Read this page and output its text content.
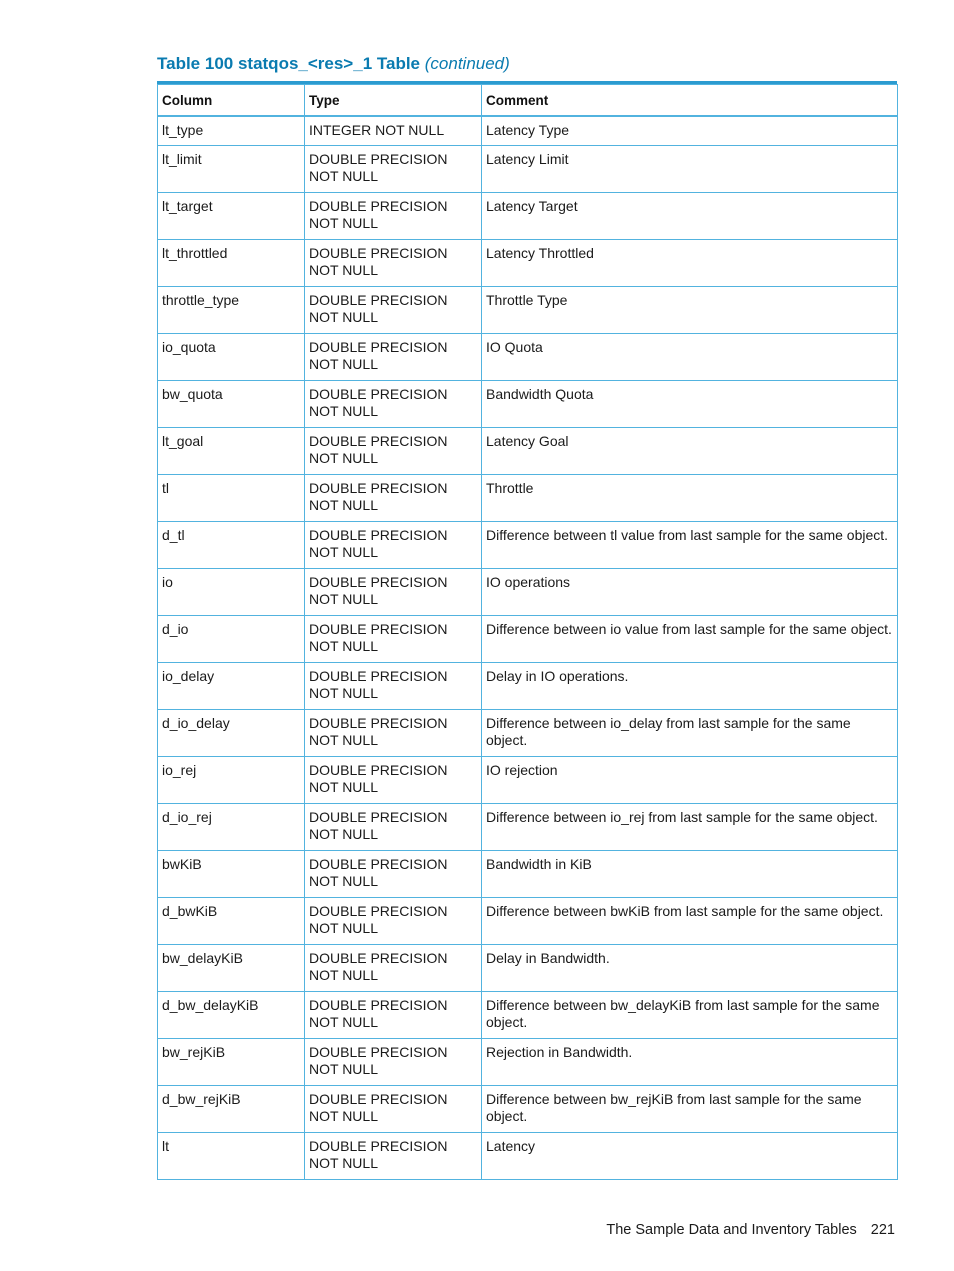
Table 100 statqos_<res>_1 Table (continued)
Column	Type	Comment
lt_type	INTEGER NOT NULL	Latency Type
lt_limit	DOUBLE PRECISION NOT NULL	Latency Limit
lt_target	DOUBLE PRECISION NOT NULL	Latency Target
lt_throttled	DOUBLE PRECISION NOT NULL	Latency Throttled
throttle_type	DOUBLE PRECISION NOT NULL	Throttle Type
io_quota	DOUBLE PRECISION NOT NULL	IO Quota
bw_quota	DOUBLE PRECISION NOT NULL	Bandwidth Quota
lt_goal	DOUBLE PRECISION NOT NULL	Latency Goal
tl	DOUBLE PRECISION NOT NULL	Throttle
d_tl	DOUBLE PRECISION NOT NULL	Difference between tl value from last sample for the same object.
io	DOUBLE PRECISION NOT NULL	IO operations
d_io	DOUBLE PRECISION NOT NULL	Difference between io value from last sample for the same object.
io_delay	DOUBLE PRECISION NOT NULL	Delay in IO operations.
d_io_delay	DOUBLE PRECISION NOT NULL	Difference between io_delay from last sample for the same object.
io_rej	DOUBLE PRECISION NOT NULL	IO rejection
d_io_rej	DOUBLE PRECISION NOT NULL	Difference between io_rej from last sample for the same object.
bwKiB	DOUBLE PRECISION NOT NULL	Bandwidth in KiB
d_bwKiB	DOUBLE PRECISION NOT NULL	Difference between bwKiB from last sample for the same object.
bw_delayKiB	DOUBLE PRECISION NOT NULL	Delay in Bandwidth.
d_bw_delayKiB	DOUBLE PRECISION NOT NULL	Difference between bw_delayKiB from last sample for the same object.
bw_rejKiB	DOUBLE PRECISION NOT NULL	Rejection in Bandwidth.
d_bw_rejKiB	DOUBLE PRECISION NOT NULL	Difference between bw_rejKiB from last sample for the same object.
lt	DOUBLE PRECISION NOT NULL	Latency
The Sample Data and Inventory Tables 221
